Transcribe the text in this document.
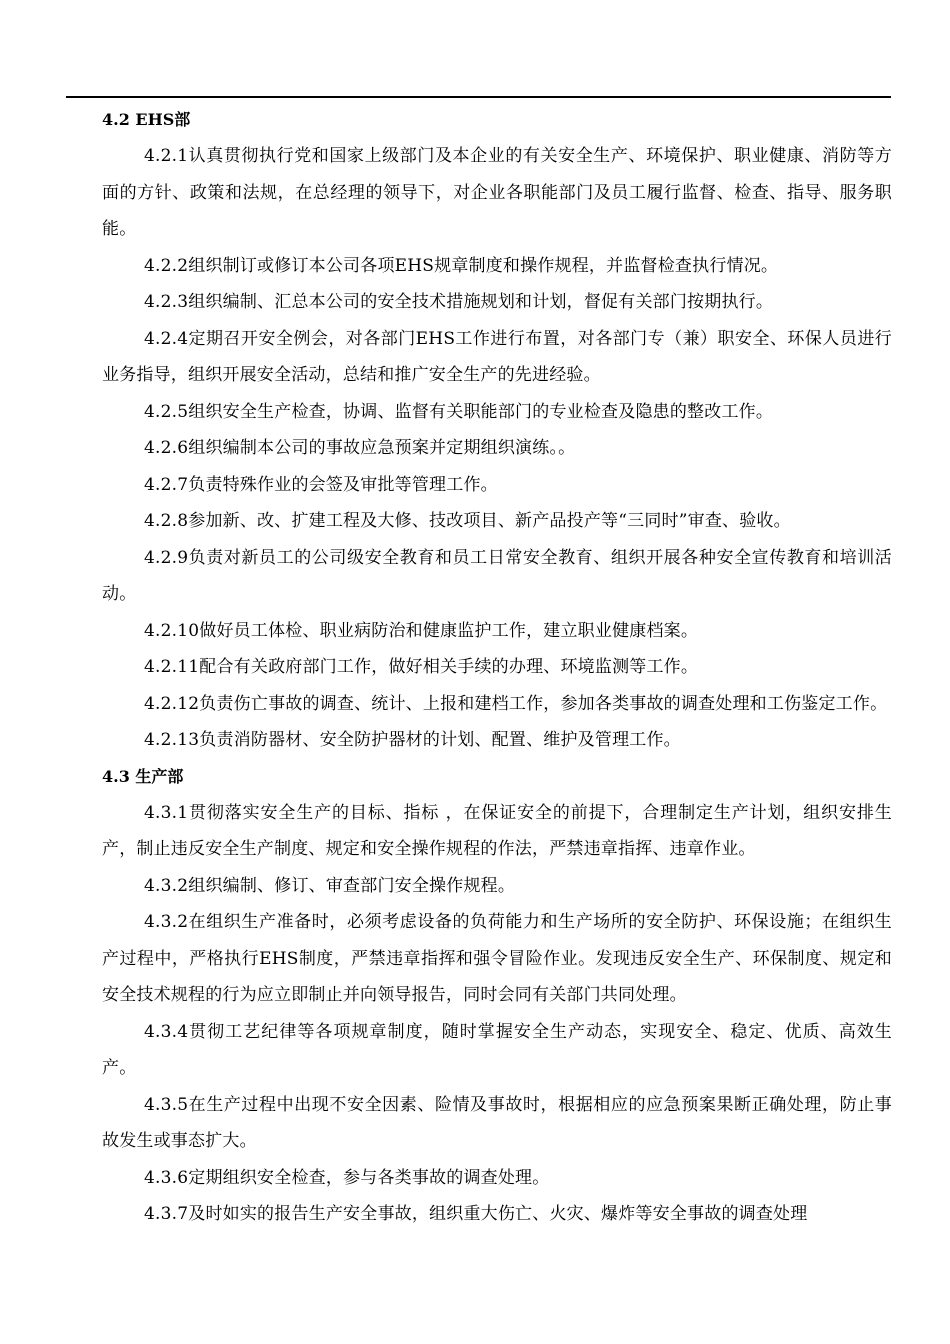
4.2 EHS部

4.2.1认真贯彻执行党和国家上级部门及本企业的有关安全生产、环境保护、职业健康、消防等方面的方针、政策和法规，在总经理的领导下，对企业各职能部门及员工履行监督、检查、指导、服务职能。

4.2.2组织制订或修订本公司各项EHS规章制度和操作规程，并监督检查执行情况。

4.2.3组织编制、汇总本公司的安全技术措施规划和计划，督促有关部门按期执行。

4.2.4定期召开安全例会，对各部门EHS工作进行布置，对各部门专（兼）职安全、环保人员进行业务指导，组织开展安全活动，总结和推广安全生产的先进经验。

4.2.5组织安全生产检查，协调、监督有关职能部门的专业检查及隐患的整改工作。

4.2.6组织编制本公司的事故应急预案并定期组织演练。。

4.2.7负责特殊作业的会签及审批等管理工作。

4.2.8参加新、改、扩建工程及大修、技改项目、新产品投产等“三同时”审查、验收。

4.2.9负责对新员工的公司级安全教育和员工日常安全教育、组织开展各种安全宣传教育和培训活动。

4.2.10做好员工体检、职业病防治和健康监护工作，建立职业健康档案。

4.2.11配合有关政府部门工作，做好相关手续的办理、环境监测等工作。

4.2.12负责伤亡事故的调查、统计、上报和建档工作，参加各类事故的调查处理和工伤鉴定工作。

4.2.13负责消防器材、安全防护器材的计划、配置、维护及管理工作。

4.3 生产部

4.3.1贯彻落实安全生产的目标、指标 ，在保证安全的前提下，合理制定生产计划，组织安排生产，制止违反安全生产制度、规定和安全操作规程的作法，严禁违章指挥、违章作业。

4.3.2组织编制、修订、审查部门安全操作规程。

4.3.2在组织生产准备时，必须考虑设备的负荷能力和生产场所的安全防护、环保设施；在组织生产过程中，严格执行EHS制度，严禁违章指挥和强令冒险作业。发现违反安全生产、环保制度、规定和安全技术规程的行为应立即制止并向领导报告，同时会同有关部门共同处理。

4.3.4贯彻工艺纪律等各项规章制度，随时掌握安全生产动态，实现安全、稳定、优质、高效生产。

4.3.5在生产过程中出现不安全因素、险情及事故时，根据相应的应急预案果断正确处理，防止事故发生或事态扩大。

4.3.6定期组织安全检查，参与各类事故的调查处理。

4.3.7及时如实的报告生产安全事故，组织重大伤亡、火灾、爆炸等安全事故的调查处理
